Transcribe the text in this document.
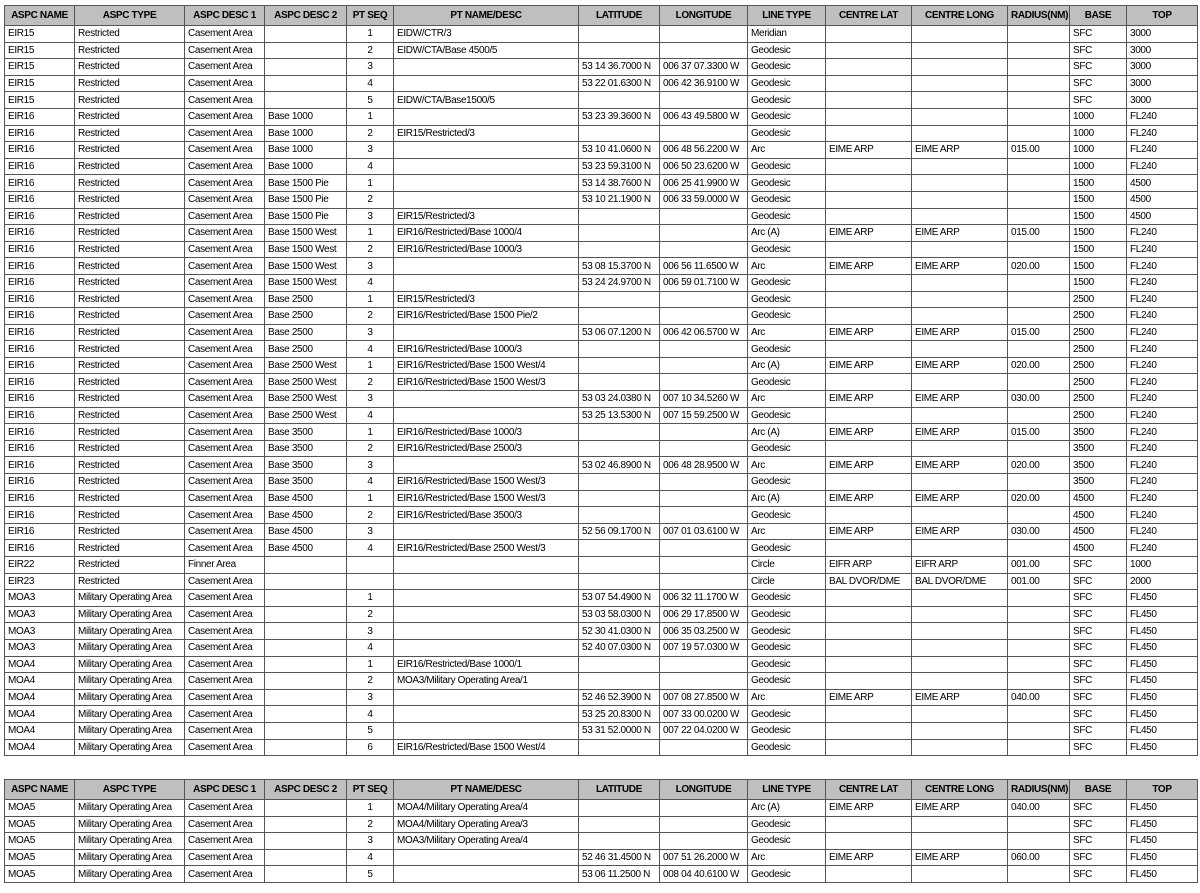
ASPC NAME	ASPC TYPE	ASPC DESC 1	ASPC DESC 2	PT SEQ	PT NAME/DESC	LATITUDE	LONGITUDE	LINE TYPE	CENTRE LAT	CENTRE LONG	RADIUS(NM)	BASE	TOP
EIR15	Restricted	Casement Area		1	EIDW/CTR/3			Meridian				SFC	3000
EIR15	Restricted	Casement Area		2	EIDW/CTA/Base 4500/5			Geodesic				SFC	3000
EIR15	Restricted	Casement Area		3		53 14 36.7000 N	006 37 07.3300 W	Geodesic				SFC	3000
EIR15	Restricted	Casement Area		4		53 22 01.6300 N	006 42 36.9100 W	Geodesic				SFC	3000
EIR15	Restricted	Casement Area		5	EIDW/CTA/Base1500/5			Geodesic				SFC	3000
EIR16	Restricted	Casement Area	Base 1000	1		53 23 39.3600 N	006 43 49.5800 W	Geodesic				1000	FL240
EIR16	Restricted	Casement Area	Base 1000	2	EIR15/Restricted/3			Geodesic				1000	FL240
EIR16	Restricted	Casement Area	Base 1000	3		53 10 41.0600 N	006 48 56.2200 W	Arc	EIME ARP	EIME ARP	015.00	1000	FL240
EIR16	Restricted	Casement Area	Base 1000	4		53 23 59.3100 N	006 50 23.6200 W	Geodesic				1000	FL240
EIR16	Restricted	Casement Area	Base 1500 Pie	1		53 14 38.7600 N	006 25 41.9900 W	Geodesic				1500	4500
EIR16	Restricted	Casement Area	Base 1500 Pie	2		53 10 21.1900 N	006 33 59.0000 W	Geodesic				1500	4500
EIR16	Restricted	Casement Area	Base 1500 Pie	3	EIR15/Restricted/3			Geodesic				1500	4500
EIR16	Restricted	Casement Area	Base 1500 West	1	EIR16/Restricted/Base 1000/4			Arc (A)	EIME ARP	EIME ARP	015.00	1500	FL240
EIR16	Restricted	Casement Area	Base 1500 West	2	EIR16/Restricted/Base 1000/3			Geodesic				1500	FL240
EIR16	Restricted	Casement Area	Base 1500 West	3		53 08 15.3700 N	006 56 11.6500 W	Arc	EIME ARP	EIME ARP	020.00	1500	FL240
EIR16	Restricted	Casement Area	Base 1500 West	4		53 24 24.9700 N	006 59 01.7100 W	Geodesic				1500	FL240
EIR16	Restricted	Casement Area	Base 2500	1	EIR15/Restricted/3			Geodesic				2500	FL240
EIR16	Restricted	Casement Area	Base 2500	2	EIR16/Restricted/Base 1500 Pie/2			Geodesic				2500	FL240
EIR16	Restricted	Casement Area	Base 2500	3		53 06 07.1200 N	006 42 06.5700 W	Arc	EIME ARP	EIME ARP	015.00	2500	FL240
EIR16	Restricted	Casement Area	Base 2500	4	EIR16/Restricted/Base 1000/3			Geodesic				2500	FL240
EIR16	Restricted	Casement Area	Base 2500 West	1	EIR16/Restricted/Base 1500 West/4			Arc (A)	EIME ARP	EIME ARP	020.00	2500	FL240
EIR16	Restricted	Casement Area	Base 2500 West	2	EIR16/Restricted/Base 1500 West/3			Geodesic				2500	FL240
EIR16	Restricted	Casement Area	Base 2500 West	3		53 03 24.0380 N	007 10 34.5260 W	Arc	EIME ARP	EIME ARP	030.00	2500	FL240
EIR16	Restricted	Casement Area	Base 2500 West	4		53 25 13.5300 N	007 15 59.2500 W	Geodesic				2500	FL240
EIR16	Restricted	Casement Area	Base 3500	1	EIR16/Restricted/Base 1000/3			Arc (A)	EIME ARP	EIME ARP	015.00	3500	FL240
EIR16	Restricted	Casement Area	Base 3500	2	EIR16/Restricted/Base 2500/3			Geodesic				3500	FL240
EIR16	Restricted	Casement Area	Base 3500	3		53 02 46.8900 N	006 48 28.9500 W	Arc	EIME ARP	EIME ARP	020.00	3500	FL240
EIR16	Restricted	Casement Area	Base 3500	4	EIR16/Restricted/Base 1500 West/3			Geodesic				3500	FL240
EIR16	Restricted	Casement Area	Base 4500	1	EIR16/Restricted/Base 1500 West/3			Arc (A)	EIME ARP	EIME ARP	020.00	4500	FL240
EIR16	Restricted	Casement Area	Base 4500	2	EIR16/Restricted/Base 3500/3			Geodesic				4500	FL240
EIR16	Restricted	Casement Area	Base 4500	3		52 56 09.1700 N	007 01 03.6100 W	Arc	EIME ARP	EIME ARP	030.00	4500	FL240
EIR16	Restricted	Casement Area	Base 4500	4	EIR16/Restricted/Base 2500 West/3			Geodesic				4500	FL240
EIR22	Restricted	Finner Area						Circle	EIFR ARP	EIFR ARP	001.00	SFC	1000
EIR23	Restricted	Casement Area						Circle	BAL DVOR/DME	BAL DVOR/DME	001.00	SFC	2000
MOA3	Military Operating Area	Casement Area		1		53 07 54.4900 N	006 32 11.1700 W	Geodesic				SFC	FL450
MOA3	Military Operating Area	Casement Area		2		53 03 58.0300 N	006 29 17.8500 W	Geodesic				SFC	FL450
MOA3	Military Operating Area	Casement Area		3		52 30 41.0300 N	006 35 03.2500 W	Geodesic				SFC	FL450
MOA3	Military Operating Area	Casement Area		4		52 40 07.0300 N	007 19 57.0300 W	Geodesic				SFC	FL450
MOA4	Military Operating Area	Casement Area		1	EIR16/Restricted/Base 1000/1			Geodesic				SFC	FL450
MOA4	Military Operating Area	Casement Area		2	MOA3/Military Operating Area/1			Geodesic				SFC	FL450
MOA4	Military Operating Area	Casement Area		3		52 46 52.3900 N	007 08 27.8500 W	Arc	EIME ARP	EIME ARP	040.00	SFC	FL450
MOA4	Military Operating Area	Casement Area		4		53 25 20.8300 N	007 33 00.0200 W	Geodesic				SFC	FL450
MOA4	Military Operating Area	Casement Area		5		53 31 52.0000 N	007 22 04.0200 W	Geodesic				SFC	FL450
MOA4	Military Operating Area	Casement Area		6	EIR16/Restricted/Base 1500 West/4			Geodesic				SFC	FL450
ASPC NAME	ASPC TYPE	ASPC DESC 1	ASPC DESC 2	PT SEQ	PT NAME/DESC	LATITUDE	LONGITUDE	LINE TYPE	CENTRE LAT	CENTRE LONG	RADIUS(NM)	BASE	TOP
MOA5	Military Operating Area	Casement Area		1	MOA4/Military Operating Area/4			Arc (A)	EIME ARP	EIME ARP	040.00	SFC	FL450
MOA5	Military Operating Area	Casement Area		2	MOA4/Military Operating Area/3			Geodesic				SFC	FL450
MOA5	Military Operating Area	Casement Area		3	MOA3/Military Operating Area/4			Geodesic				SFC	FL450
MOA5	Military Operating Area	Casement Area		4		52 46 31.4500 N	007 51 26.2000 W	Arc	EIME ARP	EIME ARP	060.00	SFC	FL450
MOA5	Military Operating Area	Casement Area		5		53 06 11.2500 N	008 04 40.6100 W	Geodesic				SFC	FL450
